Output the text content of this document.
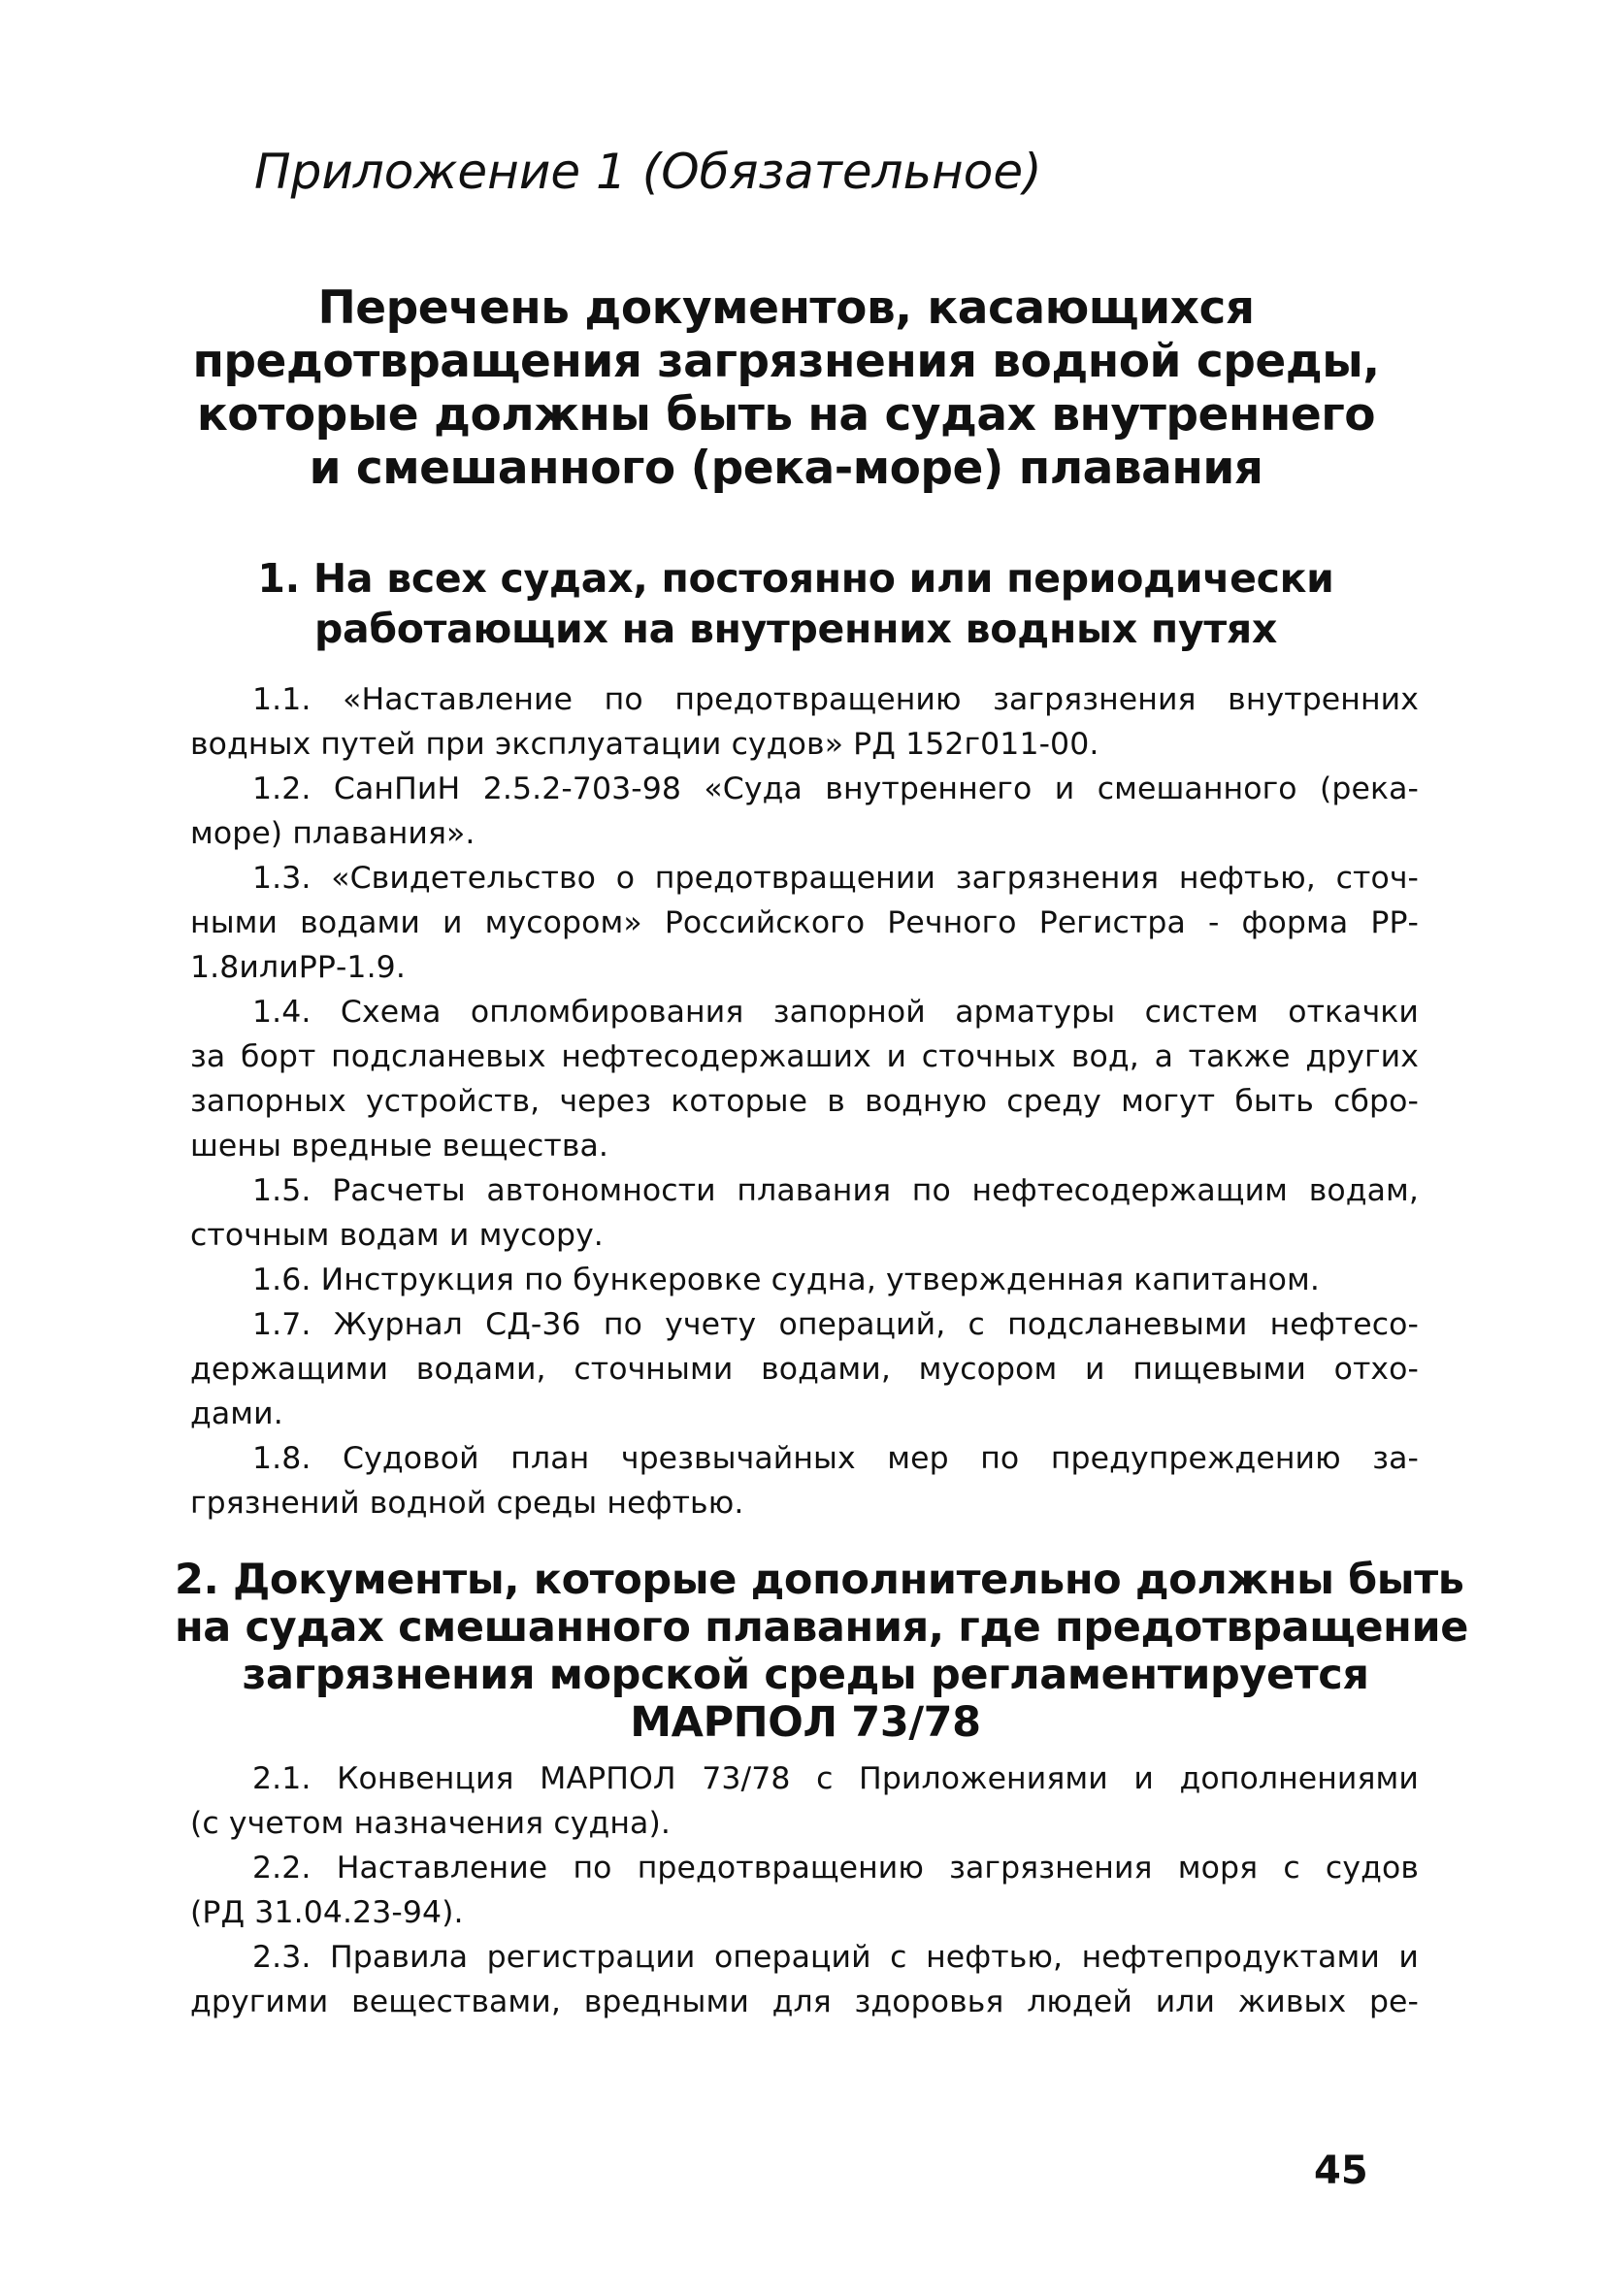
Приложение 1 (Обязательное)
Перечень документов, касающихся
предотвращения загрязнения водной среды,
которые должны быть на судах внутреннего
и смешанного (река-море) плавания
1. На всех судах, постоянно или периодически
работающих на внутренних водных путях
1.1. «Наставление по предотвращению загрязнения внутренних
водных путей при эксплуатации судов» РД 152г011-00.
1.2. СанПиН 2.5.2-703-98 «Суда внутреннего и смешанного (река-
море) плавания».
1.3. «Свидетельство о предотвращении загрязнения нефтью, сточ-
ными водами и мусором» Российского Речного Регистра - форма РР-
1.8илиРР-1.9.
1.4. Схема опломбирования запорной арматуры систем откачки
за борт подсланевых нефтесодержаших и сточных вод, а также других
запорных устройств, через которые в водную среду могут быть сбро-
шены вредные вещества.
1.5. Расчеты автономности плавания по нефтесодержащим водам,
сточным водам и мусору.
1.6. Инструкция по бункеровке судна, утвержденная капитаном.
1.7. Журнал СД-36 по учету операций, с подсланевыми нефтесо-
держащими водами, сточными водами, мусором и пищевыми отхо-
дами.
1.8. Судовой план чрезвычайных мер по предупреждению за-
грязнений водной среды нефтью.
2. Документы, которые дополнительно должны быть
на судах смешанного плавания, где предотвращение
загрязнения морской среды регламентируется
МАРПОЛ 73/78
2.1. Конвенция МАРПОЛ 73/78 с Приложениями и дополнениями
(с учетом назначения судна).
2.2. Наставление по предотвращению загрязнения моря с судов
(РД 31.04.23-94).
2.3. Правила регистрации операций с нефтью, нефтепродуктами и
другими веществами, вредными для здоровья людей или живых ре-
45
